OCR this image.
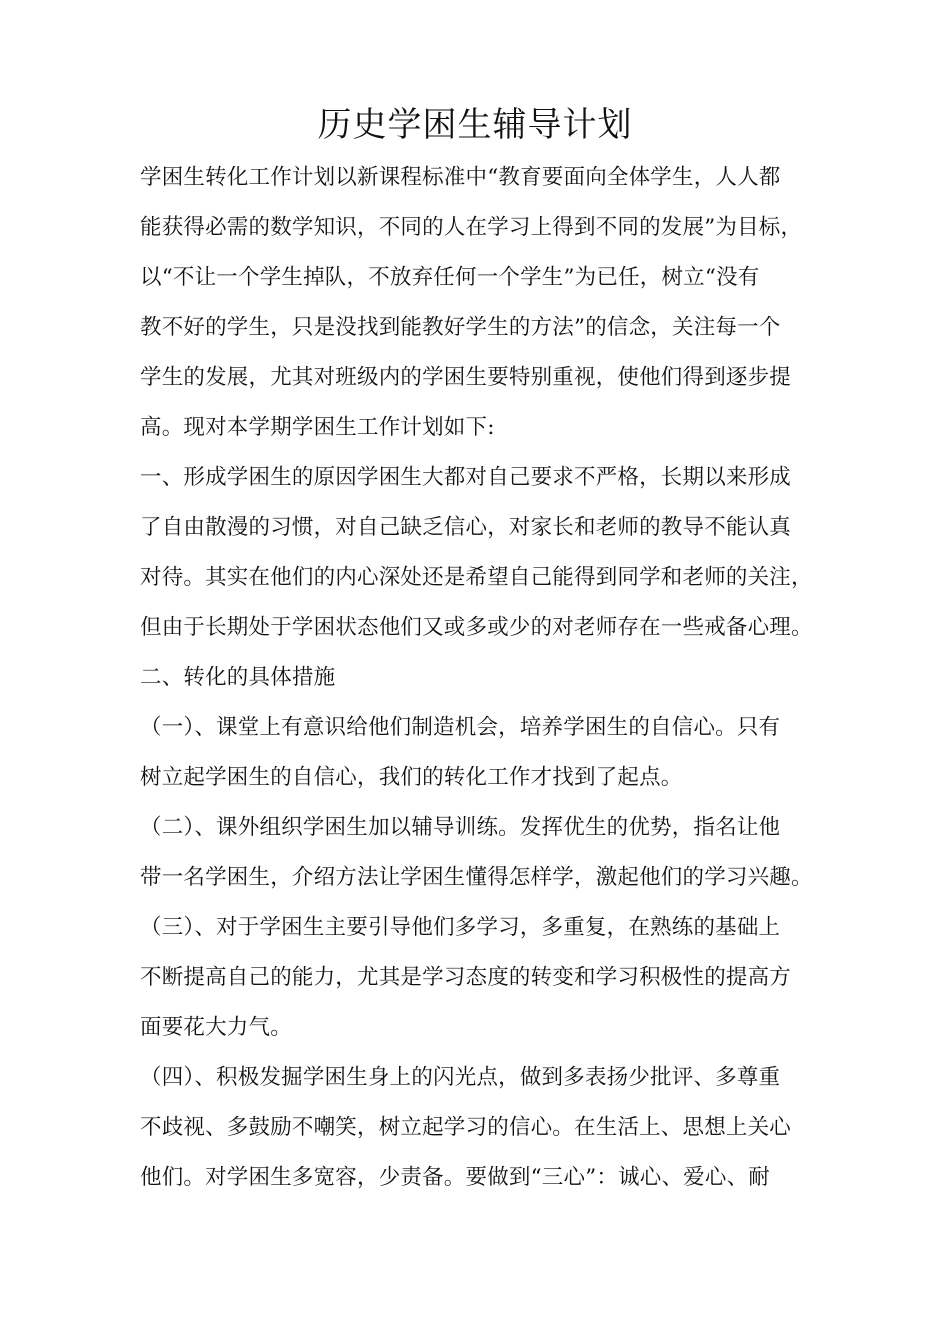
历史学困生辅导计划
学困生转化工作计划以新课程标准中“教育要面向全体学生，人人都
能获得必需的数学知识，不同的人在学习上得到不同的发展”为目标，
以“不让一个学生掉队，不放弃任何一个学生”为已任，树立“没有
教不好的学生，只是没找到能教好学生的方法”的信念，关注每一个
学生的发展，尤其对班级内的学困生要特别重视，使他们得到逐步提
高。现对本学期学困生工作计划如下:
一、形成学困生的原因学困生大都对自己要求不严格，长期以来形成
了自由散漫的习惯，对自己缺乏信心，对家长和老师的教导不能认真
对待。其实在他们的内心深处还是希望自己能得到同学和老师的关注，
但由于长期处于学困状态他们又或多或少的对老师存在一些戒备心理。
二、转化的具体措施
（一）、课堂上有意识给他们制造机会，培养学困生的自信心。只有
树立起学困生的自信心，我们的转化工作才找到了起点。
（二）、课外组织学困生加以辅导训练。发挥优生的优势，指名让他
带一名学困生，介绍方法让学困生懂得怎样学，激起他们的学习兴趣。
（三）、对于学困生主要引导他们多学习，多重复，在熟练的基础上
不断提高自己的能力，尤其是学习态度的转变和学习积极性的提高方
面要花大力气。
（四）、积极发掘学困生身上的闪光点，做到多表扬少批评、多尊重
不歧视、多鼓励不嘲笑，树立起学习的信心。在生活上、思想上关心
他们。对学困生多宽容，少责备。要做到“三心”：诚心、爱心、耐
